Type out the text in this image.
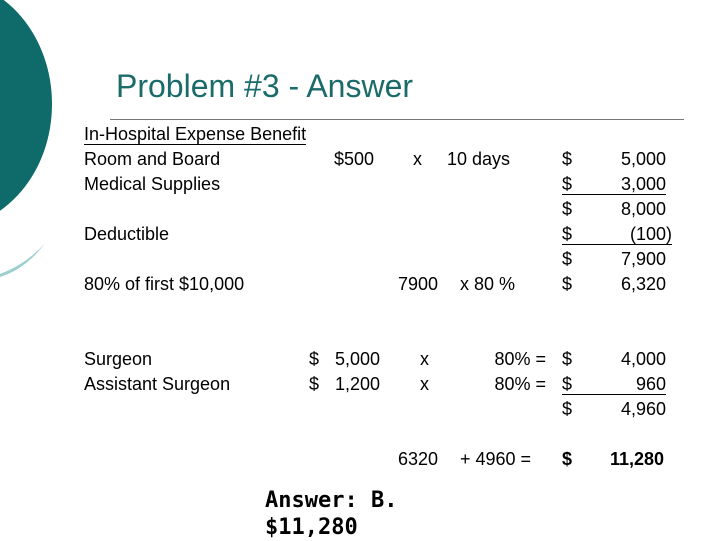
Problem #3 - Answer
In-Hospital Expense Benefit
Room and Board	$500 x 10 days	$	5,000
Medical Supplies	$	3,000
$	8,000
Deductible	$	(100)
$	7,900
80% of first $10,000	7900 x 80 %	$	6,320
Surgeon	$ 5,000 x	80% = $	4,000
Assistant Surgeon	$ 1,200 x	80% = $	960
$	4,960
6320 + 4960 = $	11,280
Answer: B.
$11,280
